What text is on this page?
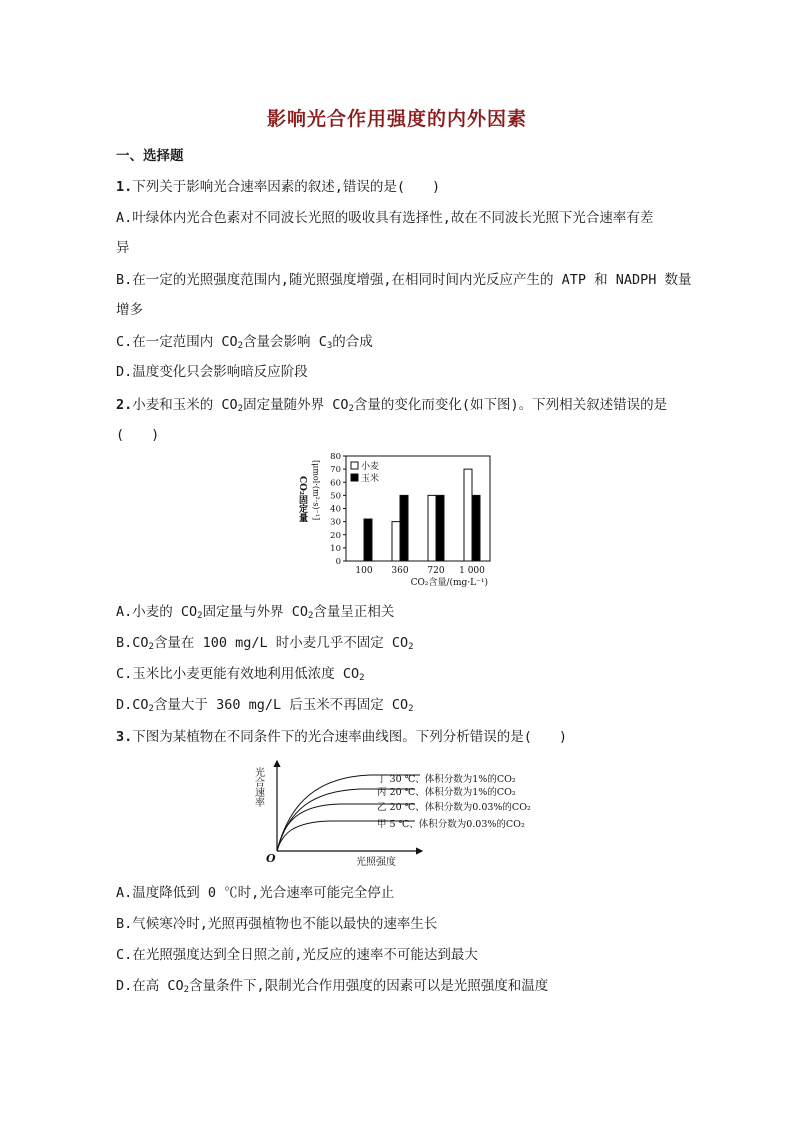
影响光合作用强度的内外因素
一、选择题
1.下列关于影响光合速率因素的叙述,错误的是(　　)
A.叶绿体内光合色素对不同波长光照的吸收具有选择性,故在不同波长光照下光合速率有差
异
B.在一定的光照强度范围内,随光照强度增强,在相同时间内光反应产生的 ATP 和 NADPH 数量
增多
C.在一定范围内 $CO_2$含量会影响 $C_3$的合成
D.温度变化只会影响暗反应阶段
2.小麦和玉米的 $CO_2$固定量随外界 $CO_2$含量的变化而变化(如下图)。下列相关叙述错误的是
(　　)
CO₂固定量 [μmol·(m²·s)⁻¹]
0
10
20
30
40
50
60
70
80
100 360 720 1 000
CO₂含量/(mg·L⁻¹)
小麦
玉米
A.小麦的 $CO_2$固定量与外界 $CO_2$含量呈正相关
$B.CO_2$含量在 100 mg/L 时小麦几乎不固定 $CO_2$
C.玉米比小麦更能有效地利用低浓度 $CO_2$
$D.CO_2$含量大于 360 mg/L 后玉米不再固定 $CO_2$
3.下图为某植物在不同条件下的光合速率曲线图。下列分析错误的是(　　)
光合速率
O	光照强度
丁 30 ℃、体积分数为1%的CO₂
丙 20 ℃、体积分数为1%的CO₂
乙 20 ℃、体积分数为0.03%的CO₂
甲 5 ℃、体积分数为0.03%的CO₂
A.温度降低到 0 ℃时,光合速率可能完全停止
B.气候寒冷时,光照再强植物也不能以最快的速率生长
C.在光照强度达到全日照之前,光反应的速率不可能达到最大
D.在高 $CO_2$含量条件下,限制光合作用强度的因素可以是光照强度和温度
